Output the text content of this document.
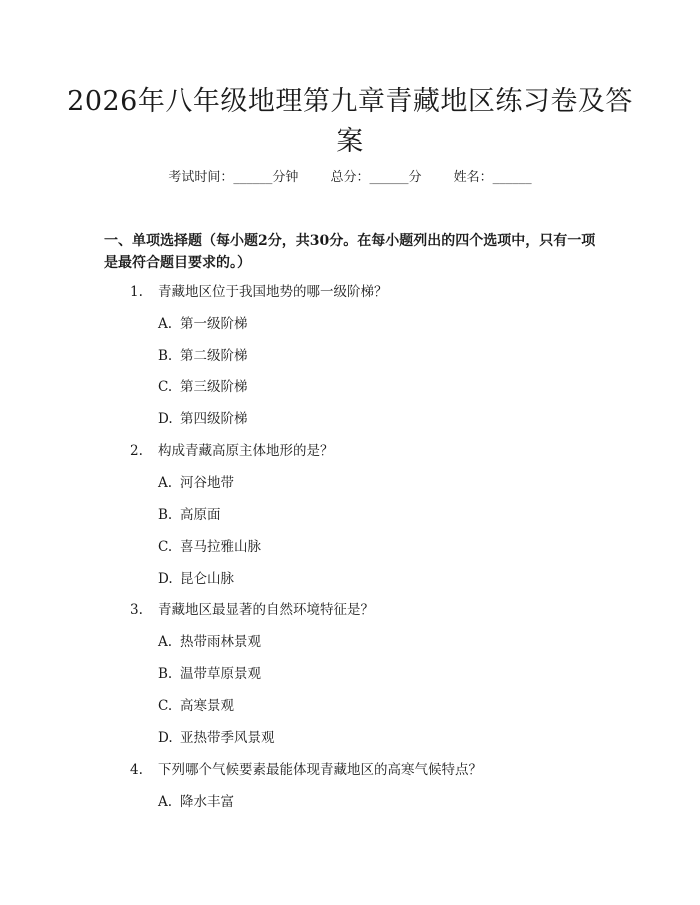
2026年八年级地理第九章青藏地区练习卷及答案
考试时间：______分钟 总分：______分 姓名：______
一、单项选择题（每小题2分，共30分。在每小题列出的四个选项中，只有一项是最符合题目要求的。）
1. 青藏地区位于我国地势的哪一级阶梯？
A. 第一级阶梯
B. 第二级阶梯
C. 第三级阶梯
D. 第四级阶梯
2. 构成青藏高原主体地形的是？
A. 河谷地带
B. 高原面
C. 喜马拉雅山脉
D. 昆仑山脉
3. 青藏地区最显著的自然环境特征是？
A. 热带雨林景观
B. 温带草原景观
C. 高寒景观
D. 亚热带季风景观
4. 下列哪个气候要素最能体现青藏地区的高寒气候特点？
A. 降水丰富
